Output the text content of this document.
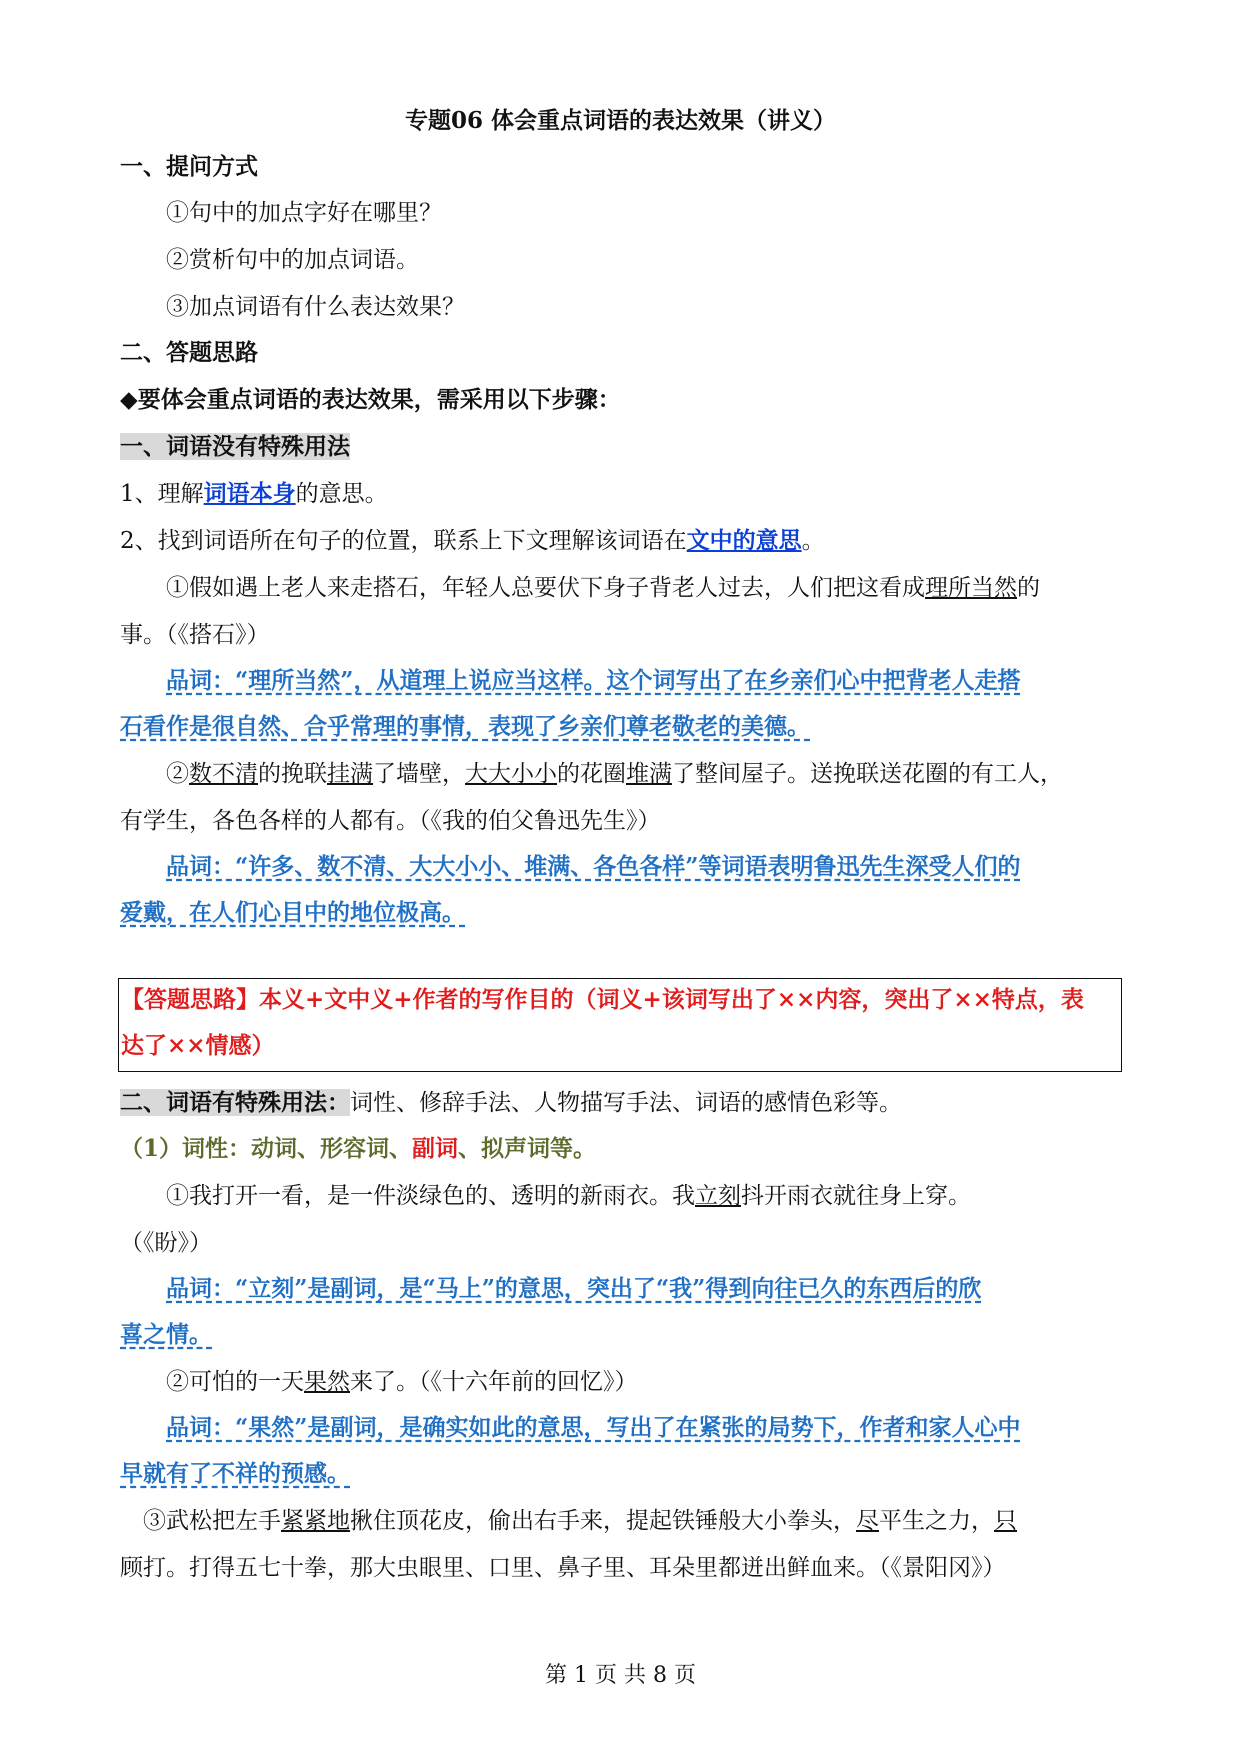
专题06 体会重点词语的表达效果（讲义）
一、提问方式
①句中的加点字好在哪里？
②赏析句中的加点词语。
③加点词语有什么表达效果？
二、答题思路
◆要体会重点词语的表达效果，需采用以下步骤：
一、词语没有特殊用法
1、理解词语本身的意思。
2、找到词语所在句子的位置，联系上下文理解该词语在文中的意思。
①假如遇上老人来走搭石，年轻人总要伏下身子背老人过去，人们把这看成理所当然的
事。（《搭石》）
品词：“理所当然”，从道理上说应当这样。这个词写出了在乡亲们心中把背老人走搭
石看作是很自然、合乎常理的事情，表现了乡亲们尊老敬老的美德。
②数不清的挽联挂满了墙壁，大大小小的花圈堆满了整间屋子。送挽联送花圈的有工人，
有学生，各色各样的人都有。（《我的伯父鲁迅先生》）
品词：“许多、数不清、大大小小、堆满、各色各样”等词语表明鲁迅先生深受人们的
爱戴，在人们心目中的地位极高。
【答题思路】本义+文中义+作者的写作目的（词义+该词写出了××内容，突出了××特点，表
达了××情感）
二、词语有特殊用法：词性、修辞手法、人物描写手法、词语的感情色彩等。
（1）词性：动词、形容词、副词、拟声词等。
①我打开一看，是一件淡绿色的、透明的新雨衣。我立刻抖开雨衣就往身上穿。
（《盼》）
品词：“立刻”是副词，是“马上”的意思，突出了“我”得到向往已久的东西后的欣
喜之情。
②可怕的一天果然来了。（《十六年前的回忆》）
品词：“果然”是副词，是确实如此的意思，写出了在紧张的局势下，作者和家人心中
早就有了不祥的预感。
③武松把左手紧紧地揪住顶花皮，偷出右手来，提起铁锤般大小拳头，尽平生之力，只
顾打。打得五七十拳，那大虫眼里、口里、鼻子里、耳朵里都迸出鲜血来。（《景阳冈》）
第 1 页 共 8 页
